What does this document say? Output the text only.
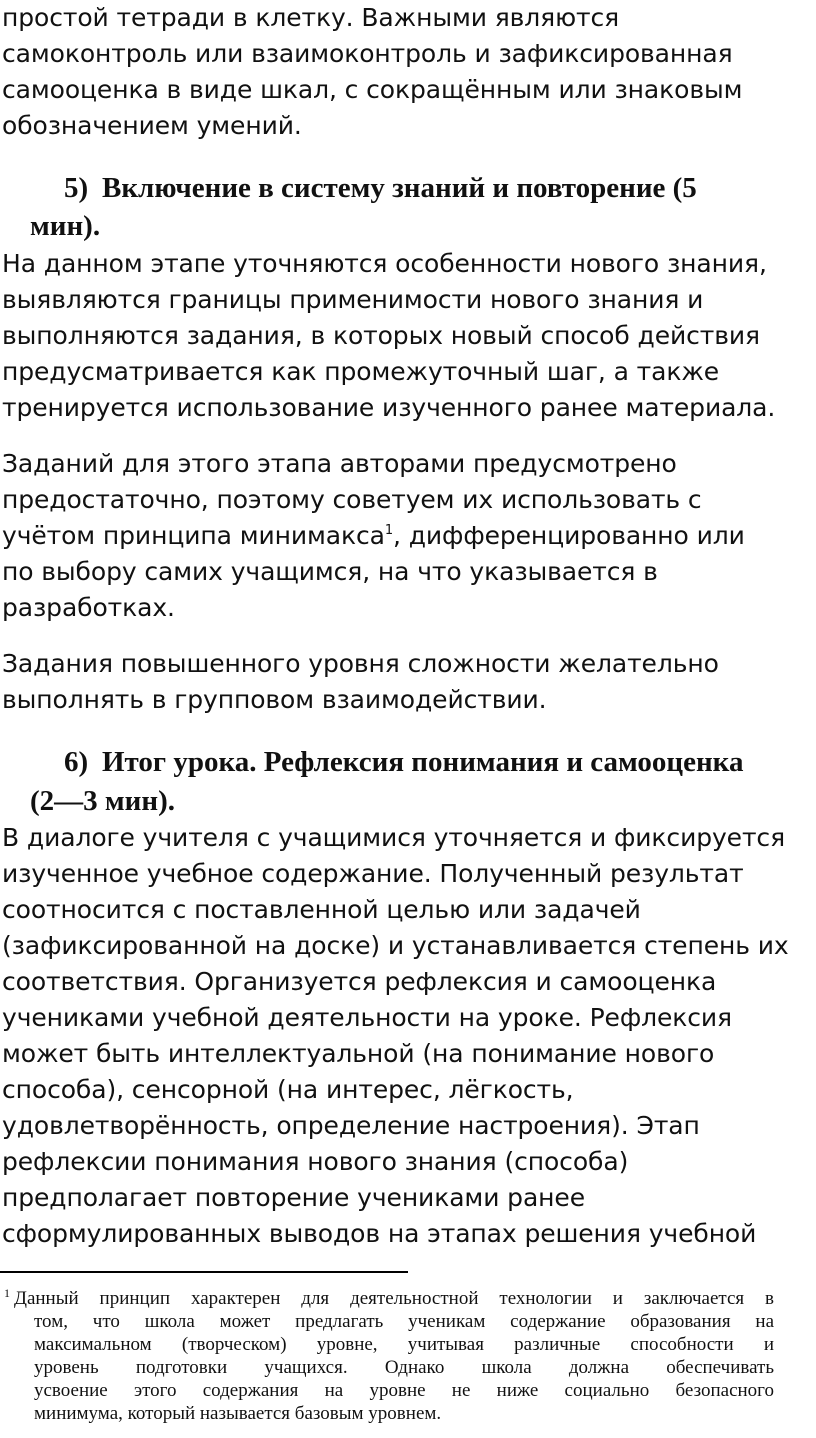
простой тетради в клетку. Важными являются
самоконтроль или взаимоконтроль и зафиксированная
самооценка в виде шкал, с сокращённым или знаковым
обозначением умений.

5) Включение в систему знаний и повторение (5
мин).

На данном этапе уточняются особенности нового знания,
выявляются границы применимости нового знания и
выполняются задания, в которых новый способ действия
предусматривается как промежуточный шаг, а также
тренируется использование изученного ранее материала.

Заданий для этого этапа авторами предусмотрено
предостаточно, поэтому советуем их использовать с
учётом принципа минимакса$^1$, дифференцированно или
по выбору самих учащимся, на что указывается в
разработках.

Задания повышенного уровня сложности желательно
выполнять в групповом взаимодействии.

6) Итог урока. Рефлексия понимания и самооценка
(2—3 мин).

В диалоге учителя с учащимися уточняется и фиксируется
изученное учебное содержание. Полученный результат
соотносится с поставленной целью или задачей
(зафиксированной на доске) и устанавливается степень их
соответствия. Организуется рефлексия и самооценка
учениками учебной деятельности на уроке. Рефлексия
может быть интеллектуальной (на понимание нового
способа), сенсорной (на интерес, лёгкость,
удовлетворённость, определение настроения). Этап
рефлексии понимания нового знания (способа)
предполагает повторение учениками ранее
сформулированных выводов на этапах решения учебной

$^1$ Данный принцип характерен для деятельностной технологии и заключается в
том, что школа может предлагать ученикам содержание образования на
максимальном (творческом) уровне, учитывая различные способности и
уровень подготовки учащихся. Однако школа должна обеспечивать
усвоение этого содержания на уровне не ниже социально безопасного
минимума, который называется базовым уровнем.
